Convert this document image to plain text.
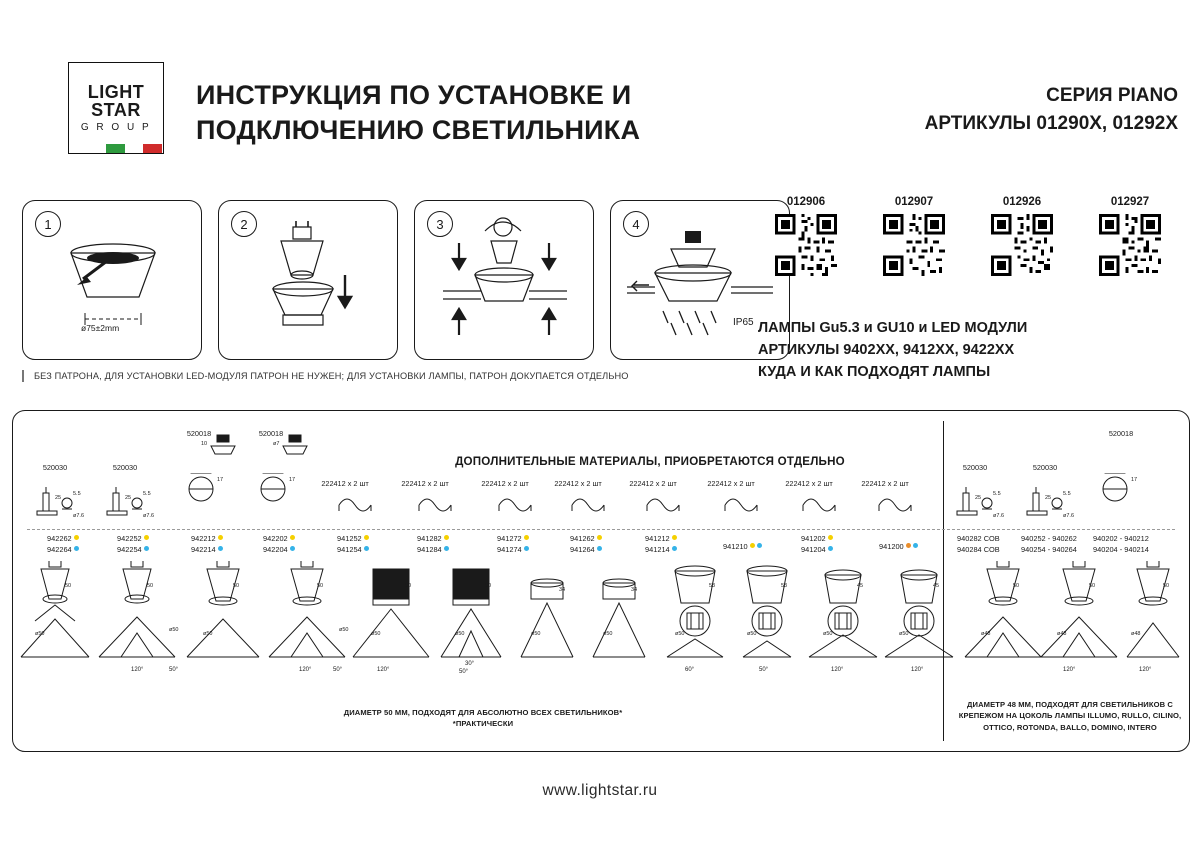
LIGHT
STAR
G R O U P
ИНСТРУКЦИЯ ПО УСТАНОВКЕ И ПОДКЛЮЧЕНИЮ СВЕТИЛЬНИКА
СЕРИЯ PIANO
АРТИКУЛЫ 01290X, 01292X
1
ø75±2mm
2	3	4
IP65
БЕЗ ПАТРОНА, ДЛЯ УСТАНОВКИ LED-МОДУЛЯ ПАТРОН НЕ НУЖЕН; ДЛЯ УСТАНОВКИ ЛАМПЫ, ПАТРОН ДОКУПАЕТСЯ ОТДЕЛЬНО
012906	012907	012926	012927
ЛАМПЫ Gu5.3 и GU10 и LED МОДУЛИ
АРТИКУЛЫ 9402XX, 9412XX, 9422XX
КУДА И КАК ПОДХОДЯТ ЛАМПЫ
ДОПОЛНИТЕЛЬНЫЕ МАТЕРИАЛЫ, ПРИОБРЕТАЮТСЯ ОТДЕЛЬНО
520030	520030
520018	520018
222412 x 2 шт	222412 x 2 шт	222412 x 2 шт	222412 x 2 шт	222412 x 2 шт	222412 x 2 шт	222412 x 2 шт	222412 x 2 шт
520030	520030
520018
25
5.5
ø7.6
25
5.5
ø7.6
17	17
25
5.5
ø7.6
25
5.5
ø7.6
17
10	ø7
942262
942264
942252
942254
942212
942214
942202
942204
941252
941254
941282
941284
941272
941274
941262
941264
941212
941214	941210
941202
941204	941200
940282 COB
940284 COB
940252 - 940262
940254 - 940264
940202 - 940212
940204 - 940214
50
ø50
50
ø50
50
ø50
50
ø50
50
ø50
50
ø50
34
ø50
34
ø50
53
ø50
53
ø50
45
ø50
45
ø50
50
ø48
50
ø48
50
ø48
120°	50°	120°	50°	120°	50°
30°
60°	50°	120°	120°	120°	120°
ДИАМЕТР 50 ММ, ПОДХОДЯТ ДЛЯ АБСОЛЮТНО ВСЕХ СВЕТИЛЬНИКОВ*
*ПРАКТИЧЕСКИ
ДИАМЕТР 48 ММ, ПОДХОДЯТ ДЛЯ СВЕТИЛЬНИКОВ С КРЕПЕЖОМ НА ЦОКОЛЬ ЛАМПЫ ILLUMO, RULLO, CILINO, OTTICO, ROTONDA, BALLO, DOMINO, INTERO
www.lightstar.ru
